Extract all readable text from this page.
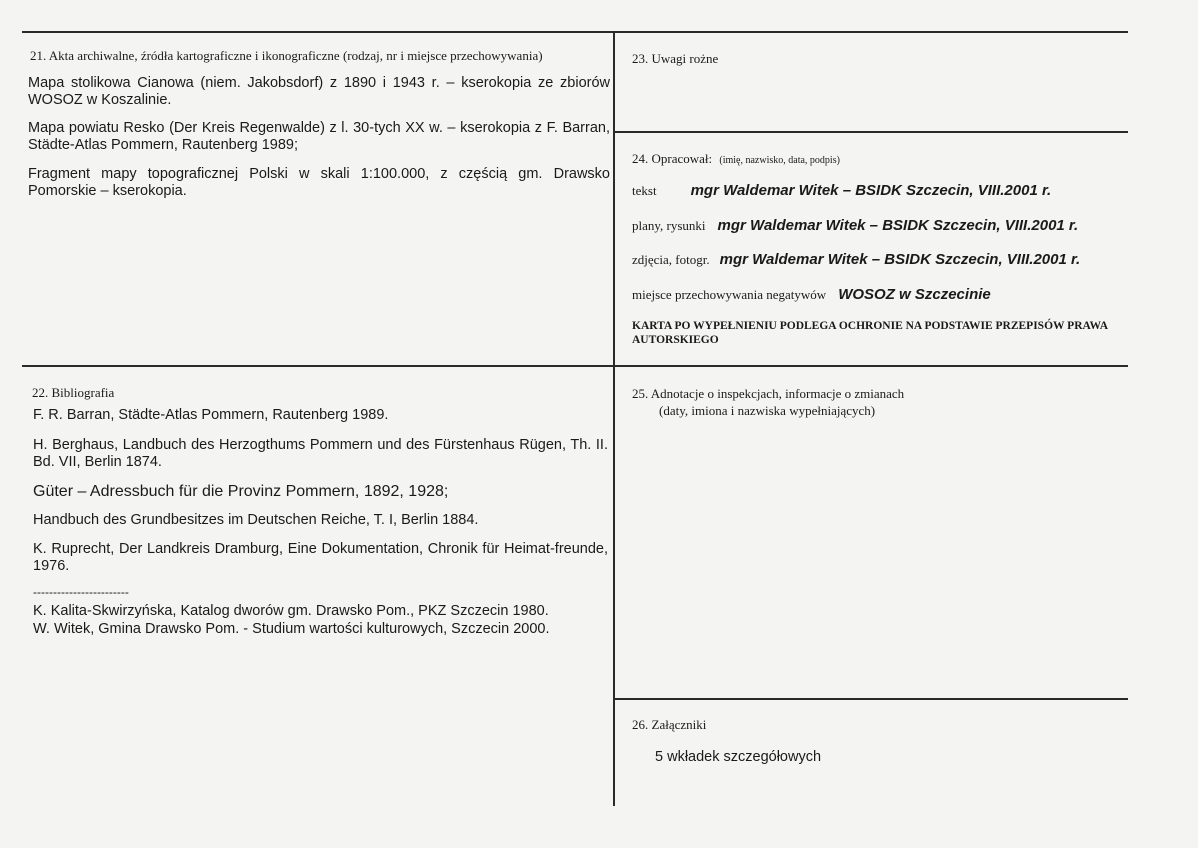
21. Akta archiwalne, źródła kartograficzne i ikonograficzne (rodzaj, nr i miejsce przechowywania)
Mapa stolikowa Cianowa (niem. Jakobsdorf) z 1890 i 1943 r. – kserokopia ze zbiorów WOSOZ w Koszalinie.
Mapa powiatu Resko (Der Kreis Regenwalde) z l. 30-tych XX w. – kserokopia z F. Barran, Städte-Atlas Pommern, Rautenberg 1989;
Fragment mapy topograficznej Polski w skali 1:100.000, z częścią gm. Drawsko Pomorskie – kserokopia.
23. Uwagi rożne
24. Opracował: (imię, nazwisko, data, podpis)
tekst mgr Waldemar Witek – BSIDK Szczecin, VIII.2001 r.
plany, rysunki mgr Waldemar Witek – BSIDK Szczecin, VIII.2001 r.
zdjęcia, fotogr. mgr Waldemar Witek – BSIDK Szczecin, VIII.2001 r.
miejsce przechowywania negatywów WOSOZ w Szczecinie
KARTA PO WYPEŁNIENIU PODLEGA OCHRONIE NA PODSTAWIE PRZEPISÓW PRAWA AUTORSKIEGO
22. Bibliografia
F. R. Barran, Städte-Atlas Pommern, Rautenberg 1989.
H. Berghaus, Landbuch des Herzogthums Pommern und des Fürstenhaus Rügen, Th. II. Bd. VII, Berlin 1874.
Güter – Adressbuch für die Provinz Pommern, 1892, 1928;
Handbuch des Grundbesitzes im Deutschen Reiche, T. I, Berlin 1884.
K. Ruprecht, Der Landkreis Dramburg, Eine Dokumentation, Chronik für Heimat-freunde, 1976.
------------------------
K. Kalita-Skwirzyńska, Katalog dworów gm. Drawsko Pom., PKZ Szczecin 1980.
W. Witek, Gmina Drawsko Pom. - Studium wartości kulturowych, Szczecin 2000.
25. Adnotacje o inspekcjach, informacje o zmianach
(daty, imiona i nazwiska wypełniających)
26. Załączniki
5 wkładek szczegółowych
